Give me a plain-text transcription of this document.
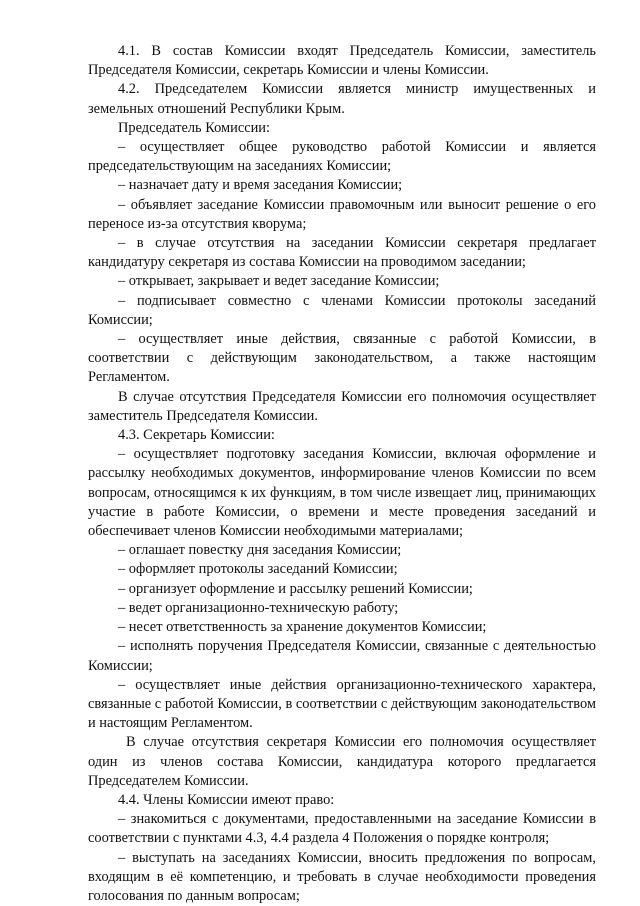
4.1. В состав Комиссии входят Председатель Комиссии, заместитель Председателя Комиссии, секретарь Комиссии и члены Комиссии.

4.2. Председателем Комиссии является министр имущественных и земельных отношений Республики Крым.

Председатель Комиссии:

– осуществляет общее руководство работой Комиссии и является председательствующим на заседаниях Комиссии;

– назначает дату и время заседания Комиссии;

– объявляет заседание Комиссии правомочным или выносит решение о его переносе из-за отсутствия кворума;

– в случае отсутствия на заседании Комиссии секретаря предлагает кандидатуру секретаря из состава Комиссии на проводимом заседании;

– открывает, закрывает и ведет заседание Комиссии;

– подписывает совместно с членами Комиссии протоколы заседаний Комиссии;

– осуществляет иные действия, связанные с работой Комиссии, в соответствии с действующим законодательством, а также настоящим Регламентом.

В случае отсутствия Председателя Комиссии его полномочия осуществляет заместитель Председателя Комиссии.

4.3. Секретарь Комиссии:

– осуществляет подготовку заседания Комиссии, включая оформление и рассылку необходимых документов, информирование членов Комиссии по всем вопросам, относящимся к их функциям, в том числе извещает лиц, принимающих участие в работе Комиссии, о времени и месте проведения заседаний и обеспечивает членов Комиссии необходимыми материалами;

– оглашает повестку дня заседания Комиссии;

– оформляет протоколы заседаний Комиссии;

– организует оформление и рассылку решений Комиссии;

– ведет организационно-техническую работу;

– несет ответственность за хранение документов Комиссии;

– исполнять поручения Председателя Комиссии, связанные с деятельностью Комиссии;

– осуществляет иные действия организационно-технического характера, связанные с работой Комиссии, в соответствии с действующим законодательством и настоящим Регламентом.

В случае отсутствия секретаря Комиссии его полномочия осуществляет один из членов состава Комиссии, кандидатура которого предлагается Председателем Комиссии.

4.4. Члены Комиссии имеют право:

– знакомиться с документами, предоставленными на заседание Комиссии в соответствии с пунктами 4.3, 4.4 раздела 4 Положения о порядке контроля;

– выступать на заседаниях Комиссии, вносить предложения по вопросам, входящим в её компетенцию, и требовать в случае необходимости проведения голосования по данным вопросам;
